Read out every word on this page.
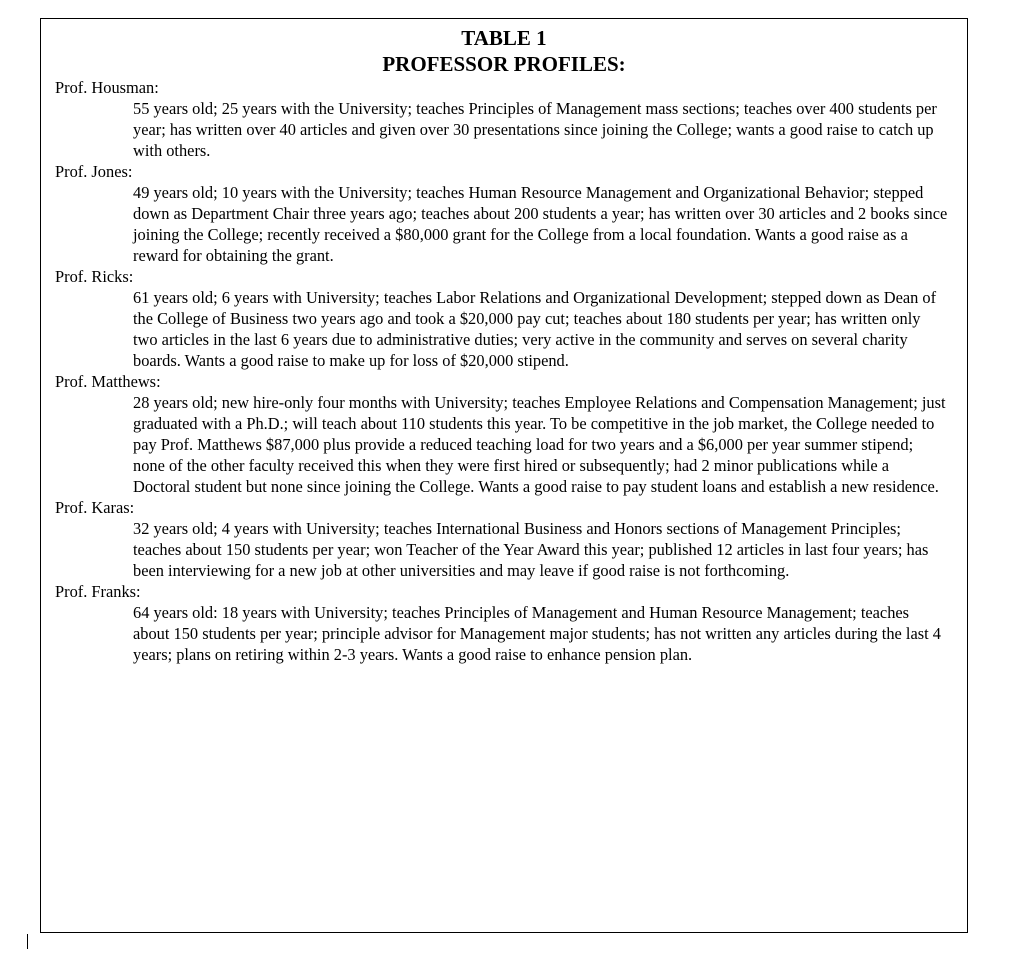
TABLE 1
PROFESSOR PROFILES:
Prof. Housman:
55 years old; 25 years with the University; teaches Principles of Management mass sections; teaches over 400 students per year; has written over 40 articles and given over 30 presentations since joining the College; wants a good raise to catch up with others.
Prof. Jones:
49 years old; 10 years with the University; teaches Human Resource Management and Organizational Behavior; stepped down as Department Chair three years ago; teaches about 200 students a year; has written over 30 articles and 2 books since joining the College; recently received a $80,000 grant for the College from a local foundation. Wants a good raise as a reward for obtaining the grant.
Prof. Ricks:
61 years old; 6 years with University; teaches Labor Relations and Organizational Development; stepped down as Dean of the College of Business two years ago and took a $20,000 pay cut; teaches about 180 students per year; has written only two articles in the last 6 years due to administrative duties; very active in the community and serves on several charity boards. Wants a good raise to make up for loss of $20,000 stipend.
Prof. Matthews:
28 years old; new hire-only four months with University; teaches Employee Relations and Compensation Management; just graduated with a Ph.D.; will teach about 110 students this year. To be competitive in the job market, the College needed to pay Prof. Matthews $87,000 plus provide a reduced teaching load for two years and a $6,000 per year summer stipend; none of the other faculty received this when they were first hired or subsequently; had 2 minor publications while a Doctoral student but none since joining the College. Wants a good raise to pay student loans and establish a new residence.
Prof. Karas:
32 years old; 4 years with University; teaches International Business and Honors sections of Management Principles; teaches about 150 students per year; won Teacher of the Year Award this year; published 12 articles in last four years; has been interviewing for a new job at other universities and may leave if good raise is not forthcoming.
Prof. Franks:
64 years old: 18 years with University; teaches Principles of Management and Human Resource Management; teaches about 150 students per year; principle advisor for Management major students; has not written any articles during the last 4 years; plans on retiring within 2-3 years. Wants a good raise to enhance pension plan.
